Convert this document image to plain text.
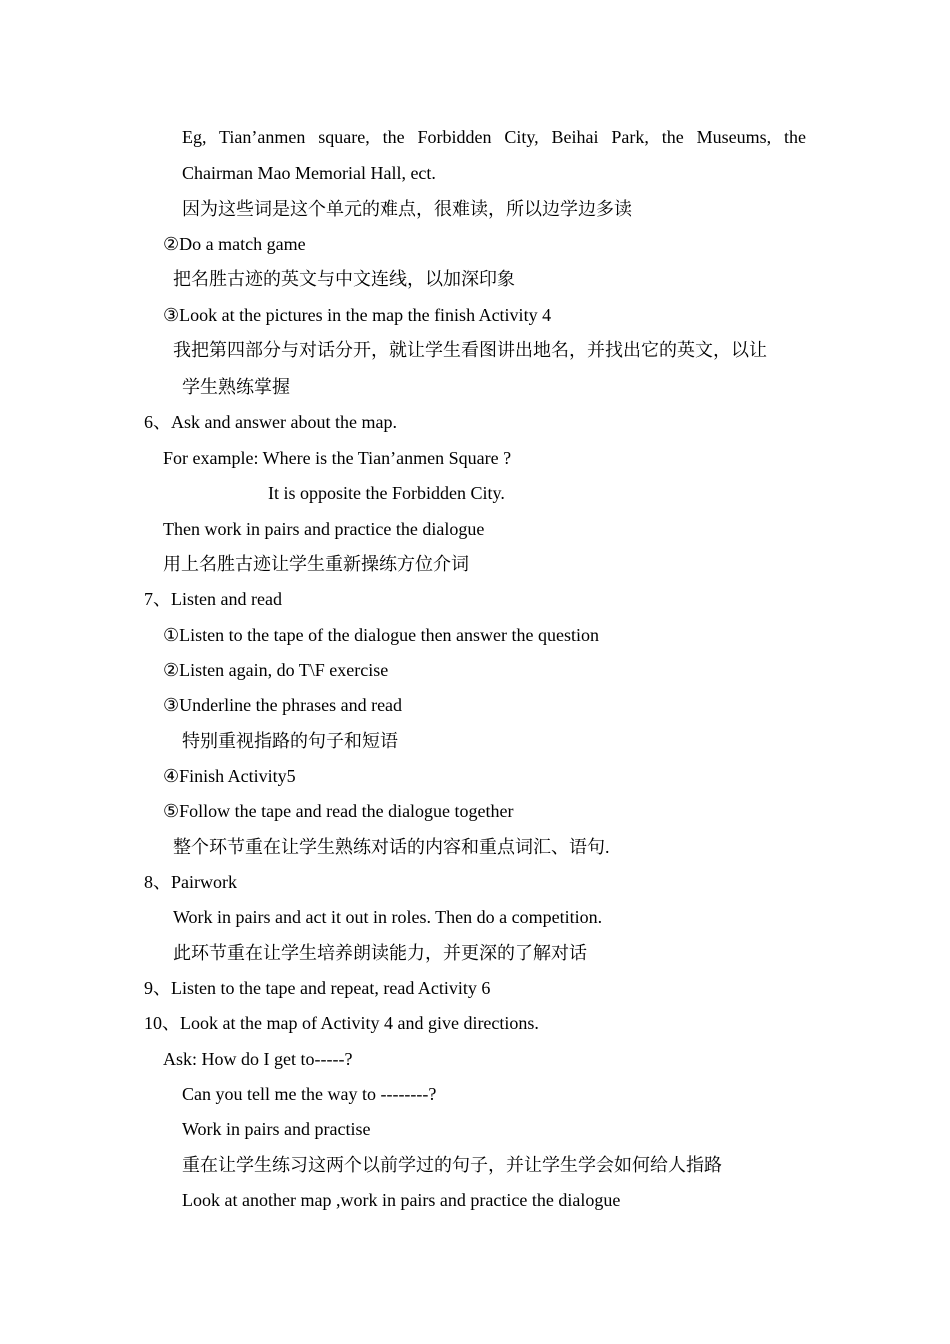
Eg, Tian’anmen square, the Forbidden City, Beihai Park, the Museums, the
Chairman Mao Memorial Hall, ect.
因为这些词是这个单元的难点，很难读，所以边学边多读
②Do a match game
把名胜古迹的英文与中文连线，以加深印象
③Look at the pictures in the map the finish Activity 4
我把第四部分与对话分开，就让学生看图讲出地名，并找出它的英文，以让
学生熟练掌握
6、Ask and answer about the map.
For example: Where is the Tian’anmen Square ?
It is opposite the Forbidden City.
Then work in pairs and practice the dialogue
用上名胜古迹让学生重新操练方位介词
7、Listen and read
①Listen to the tape of the dialogue then answer the question
②Listen again, do T\F exercise
③Underline the phrases and read
特别重视指路的句子和短语
④Finish Activity5
⑤Follow the tape and read the dialogue together
整个环节重在让学生熟练对话的内容和重点词汇、语句.
8、Pairwork
Work in pairs and act it out in roles. Then do a competition.
此环节重在让学生培养朗读能力，并更深的了解对话
9、Listen to the tape and repeat, read Activity 6
10、Look at the map of Activity 4 and give directions.
Ask: How do I get to-----?
Can you tell me the way to --------?
Work in pairs and practise
重在让学生练习这两个以前学过的句子，并让学生学会如何给人指路
Look at another map ,work in pairs and practice the dialogue
